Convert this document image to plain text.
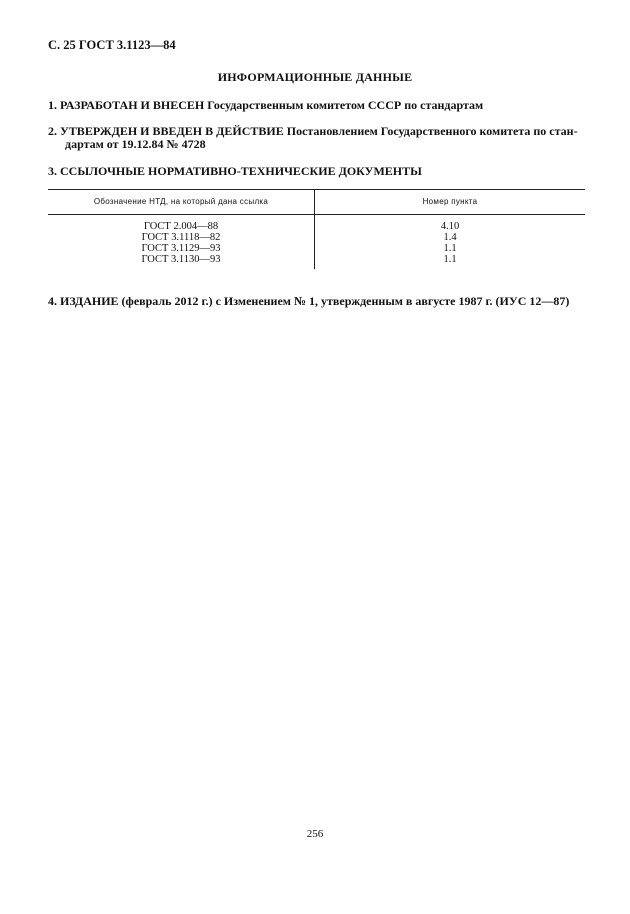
С. 25 ГОСТ 3.1123—84
ИНФОРМАЦИОННЫЕ ДАННЫЕ
1. РАЗРАБОТАН И ВНЕСЕН Государственным комитетом СССР по стандартам
2. УТВЕРЖДЕН И ВВЕДЕН В ДЕЙСТВИЕ Постановлением Государственного комитета по стан-
дартам от 19.12.84 № 4728
3. ССЫЛОЧНЫЕ НОРМАТИВНО-ТЕХНИЧЕСКИЕ ДОКУМЕНТЫ
Обозначение НТД, на который дана ссылка	Номер пункта
ГОСТ 2.004—88	4.10
ГОСТ 3.1118—82	1.4
ГОСТ 3.1129—93	1.1
ГОСТ 3.1130—93	1.1
4. ИЗДАНИЕ (февраль 2012 г.) с Изменением № 1, утвержденным в августе 1987 г. (ИУС 12—87)
256
